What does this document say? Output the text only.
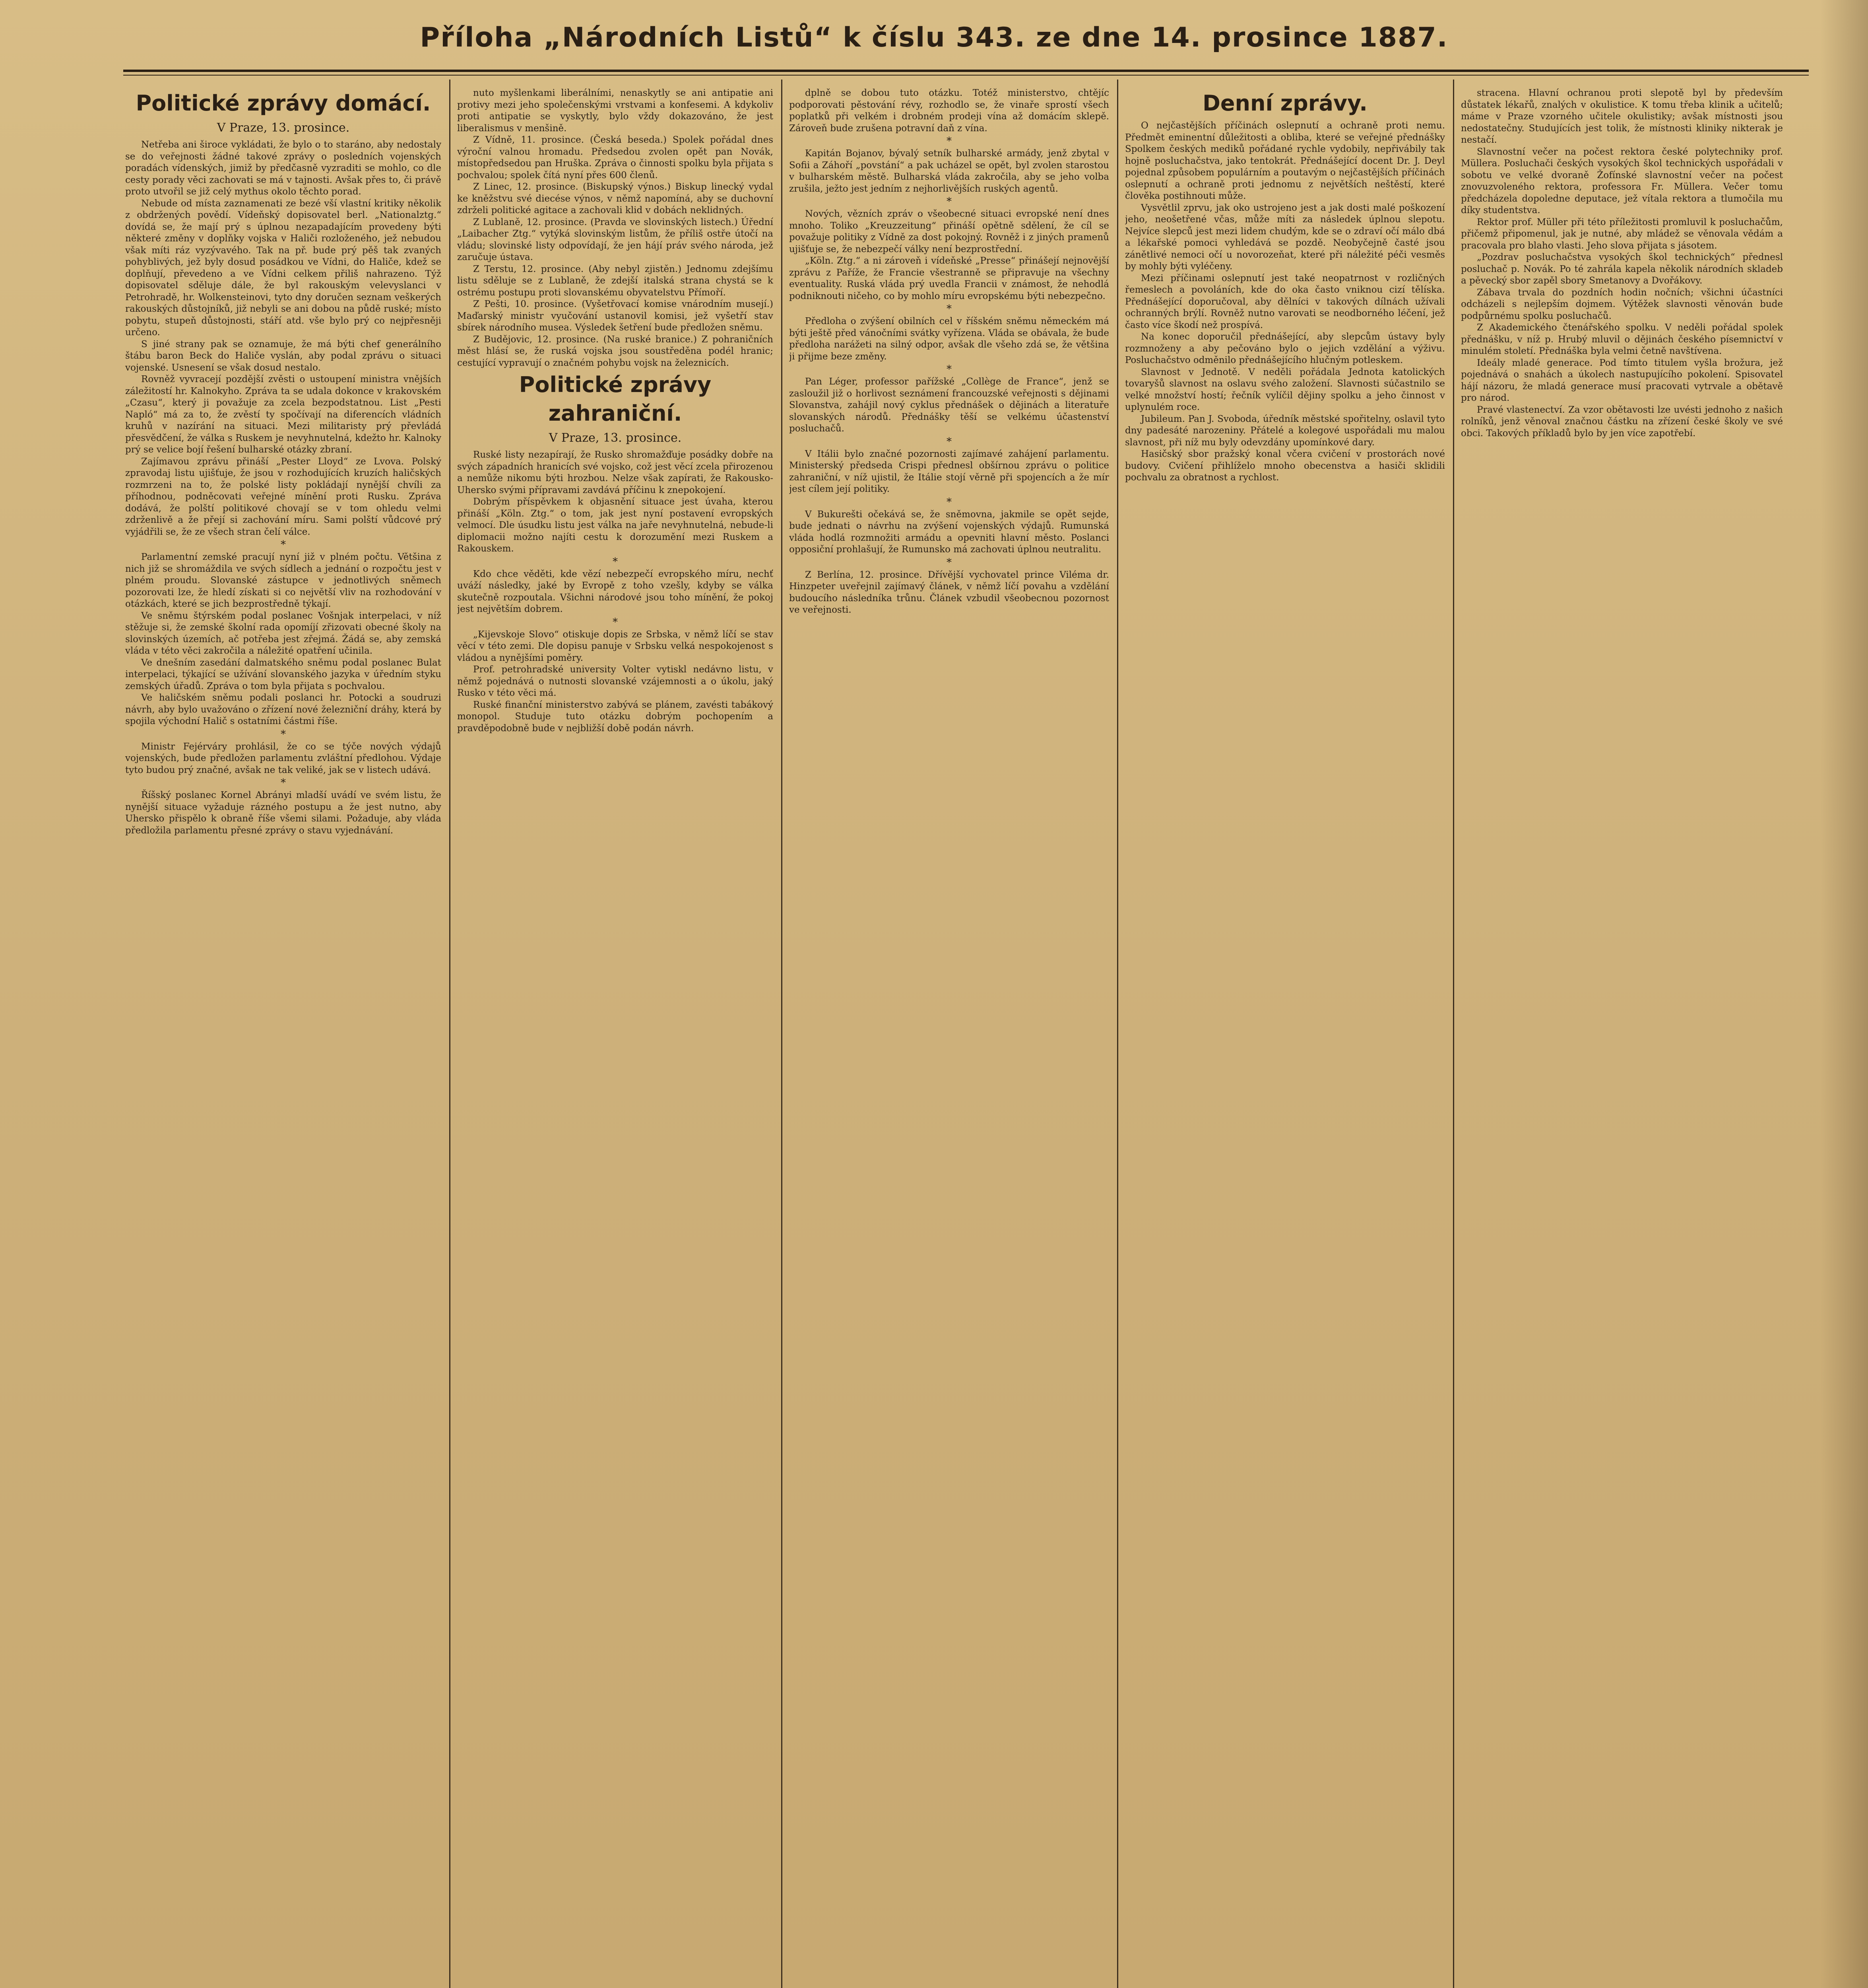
Příloha „Národních Listů“ k číslu 343. ze dne 14. prosince 1887.
Politické zprávy domácí.
V Praze, 13. prosince.

Netřeba ani široce vykládati, že bylo o to staráno, aby nedostaly se do veřejnosti žádné takové zprávy o posledních vojenských poradách vídenských, jimiž by předčasně vyzraditi se mohlo, co dle cesty porady věci zachovati se má v tajnosti. Avšak přes to, či právě proto utvořil se již celý mythus okolo těchto porad.

Nebude od místa zaznamenati ze bezé vší vlastní kritiky několik z obdržených povědí. Vídeňský dopisovatel berl. „Nationalztg.“ dovídá se, že mají prý s úplnou nezapadajícím provedeny býti některé změny v doplňky vojska v Haliči rozloženého, jež nebudou však míti ráz vyzývavého. Tak na př. bude prý pěš tak zvaných pohyblivých, jež byly dosud posádkou ve Vídni, do Haliče, kdež se doplňují, převedeno a ve Vídni celkem přiliš nahrazeno. Týž dopisovatel sděluje dále, že byl rakouským velevyslanci v Petrohradě, hr. Wolkensteinovi, tyto dny doručen seznam veškerých rakouských důstojníků, již nebyli se ani dobou na půdě ruské; místo pobytu, stupeň důstojnosti, stáří atd. vše bylo prý co nejpřesněji určeno.

S jiné strany pak se oznamuje, že má býti chef generálního štábu baron Beck do Haliče vyslán, aby podal zprávu o situaci vojenské. Usnesení se však dosud nestalo.

Rovněž vyvracejí pozdější zvěsti o ustoupení ministra vnějších záležitostí hr. Kalnokyho. Zpráva ta se udala dokonce v krakovském „Czasu“, který ji považuje za zcela bezpodstatnou. List „Pesti Napló“ má za to, že zvěstí ty spočívají na diferencích vládních kruhů v nazírání na situaci. Mezi militaristy prý převládá přesvědčení, že válka s Ruskem je nevyhnutelná, kdežto hr. Kalnoky prý se velice bojí řešení bulharské otázky zbraní.

Zajímavou zprávu přináší „Pester Lloyd“ ze Lvova. Polský zpravodaj listu ujišťuje, že jsou v rozhodujících kruzích haličských rozmrzeni na to, že polské listy pokládají nynější chvíli za příhodnou, podněcovati veřejné mínění proti Rusku. Zpráva dodává, že polští politikové chovají se v tom ohledu velmi zdrženlivě a že přejí si zachování míru. Sami polští vůdcové prý vyjádřili se, že ze všech stran čelí válce.

*

Parlamentní zemské pracují nyní již v plném počtu. Většina z nich již se shromáždila ve svých sídlech a jednání o rozpočtu jest v plném proudu. Slovanské zástupce v jednotlivých sněmech pozorovati lze, že hledí získati si co největší vliv na rozhodování v otázkách, které se jich bezprostředně týkají.

Ve sněmu štýrském podal poslanec Vošnjak interpelaci, v níž stěžuje si, že zemské školní rada opomíjí zřizovati obecné školy na slovinských územích, ač potřeba jest zřejmá. Žádá se, aby zemská vláda v této věci zakročila a náležité opatření učinila.

Ve dnešním zasedání dalmatského sněmu podal poslanec Bulat interpelaci, týkající se užívání slovanského jazyka v úředním styku zemských úřadů. Zpráva o tom byla přijata s pochvalou.

Ve haličském sněmu podali poslanci hr. Potocki a soudruzi návrh, aby bylo uvažováno o zřízení nové železniční dráhy, která by spojila východní Halič s ostatními částmi říše.

*

Ministr Fejérváry prohlásil, že co se týče nových výdajů vojenských, bude předložen parlamentu zvláštní předlohou. Výdaje tyto budou prý značné, avšak ne tak veliké, jak se v listech udává.

*

Říšský poslanec Kornel Abrányi mladší uvádí ve svém listu, že nynější situace vyžaduje rázného postupu a že jest nutno, aby Uhersko přispělo k obraně říše všemi silami. Požaduje, aby vláda předložila parlamentu přesné zprávy o stavu vyjednávání.

nuto myšlenkami liberálními, nenaskytly se ani antipatie ani protivy mezi jeho společenskými vrstvami a konfesemi. A kdykoliv proti antipatie se vyskytly, bylo vždy dokazováno, že jest liberalismus v menšině.

Z Vídně, 11. prosince. (Česká beseda.) Spolek pořádal dnes výroční valnou hromadu. Předsedou zvolen opět pan Novák, místopředsedou pan Hruška. Zpráva o činnosti spolku byla přijata s pochvalou; spolek čítá nyní přes 600 členů.

Z Linec, 12. prosince. (Biskupský výnos.) Biskup linecký vydal ke kněžstvu své diecése výnos, v němž napomíná, aby se duchovní zdrželi politické agitace a zachovali klid v dobách neklidných.

Z Lublaně, 12. prosince. (Pravda ve slovinských listech.) Úřední „Laibacher Ztg.“ vytýká slovinským listům, že příliš ostře útočí na vládu; slovinské listy odpovídají, že jen hájí práv svého národa, jež zaručuje ústava.

Z Terstu, 12. prosince. (Aby nebyl zjistěn.) Jednomu zdejšímu listu sděluje se z Lublaně, že zdejší italská strana chystá se k ostrému postupu proti slovanskému obyvatelstvu Přímoří.

Z Pešti, 10. prosince. (Vyšetřovací komise vnárodním musejí.) Maďarský ministr vyučování ustanovil komisi, jež vyšetří stav sbírek národního musea. Výsledek šetření bude předložen sněmu.

Z Budějovic, 12. prosince. (Na ruské branice.) Z pohraničních měst hlásí se, že ruská vojska jsou soustředěna podél hranic; cestující vypravují o značném pohybu vojsk na železnicích.

Politické zprávy zahraniční.
V Praze, 13. prosince.

Ruské listy nezapírají, že Rusko shromažďuje posádky dobře na svých západních hranicích své vojsko, což jest věcí zcela přirozenou a nemůže nikomu býti hrozbou. Nelze však zapírati, že Rakousko-Uhersko svými přípravami zavdává příčinu k znepokojení.

Dobrým příspěvkem k objasnění situace jest úvaha, kterou přináší „Köln. Ztg.“ o tom, jak jest nyní postavení evropských velmocí. Dle úsudku listu jest válka na jaře nevyhnutelná, nebude-li diplomacii možno najíti cestu k dorozumění mezi Ruskem a Rakouskem.

*

Kdo chce věděti, kde vězí nebezpečí evropského míru, nechť uváží následky, jaké by Evropě z toho vzešly, kdyby se válka skutečně rozpoutala. Všichni národové jsou toho mínění, že pokoj jest největším dobrem.

*

„Kijevskoje Slovo“ otiskuje dopis ze Srbska, v němž líčí se stav věcí v této zemi. Dle dopisu panuje v Srbsku velká nespokojenost s vládou a nynějšími poměry.

Prof. petrohradské university Volter vytiskl nedávno listu, v němž pojednává o nutnosti slovanské vzájemnosti a o úkolu, jaký Rusko v této věci má.

Ruské finanční ministerstvo zabývá se plánem, zavésti tabákový monopol. Studuje tuto otázku dobrým pochopením a pravděpodobně bude v nejbližší době podán návrh.

dplně se dobou tuto otázku. Totéž ministerstvo, chtějíc podporovati pěstování révy, rozhodlo se, že vinaře sprostí všech poplatků při velkém i drobném prodeji vína až domácím sklepě. Zároveň bude zrušena potravní daň z vína.

*

Kapitán Bojanov, bývalý setník bulharské armády, jenž zbytal v Sofii a Záhoří „povstání“ a pak ucházel se opět, byl zvolen starostou v bulharském městě. Bulharská vláda zakročila, aby se jeho volba zrušila, ježto jest jedním z nejhorlivějších ruských agentů.

*

Nových, vězních zpráv o všeobecné situaci evropské není dnes mnoho. Toliko „Kreuzzeitung“ přináší opětně sdělení, že cíl se považuje politiky z Vídně za dost pokojný. Rovněž i z jiných pramenů ujišťuje se, že nebezpečí války není bezprostřední.

„Köln. Ztg.“ a ni zároveň i vídeňské „Presse“ přinášejí nejnovější zprávu z Paříže, že Francie všestranně se připravuje na všechny eventuality. Ruská vláda prý uvedla Francii v známost, že nehodlá podniknouti ničeho, co by mohlo míru evropskému býti nebezpečno.

*

Předloha o zvýšení obilních cel v říšském sněmu německém má býti ještě před vánočními svátky vyřízena. Vláda se obávala, že bude předloha narážeti na silný odpor, avšak dle všeho zdá se, že většina ji přijme beze změny.

*

Pan Léger, professor pařížské „Collège de France“, jenž se zasloužil již o horlivost seznámení francouzské veřejnosti s dějinami Slovanstva, zahájil nový cyklus přednášek o dějinách a literatuře slovanských národů. Přednášky těší se velkému účastenství posluchačů.

*

V Itálii bylo značné pozornosti zajímavé zahájení parlamentu. Ministerský předseda Crispi přednesl obšírnou zprávu o politice zahraniční, v níž ujistil, že Itálie stojí věrně při spojencích a že mír jest cílem její politiky.

*

V Bukurešti očekává se, že sněmovna, jakmile se opět sejde, bude jednati o návrhu na zvýšení vojenských výdajů. Rumunská vláda hodlá rozmnožiti armádu a opevniti hlavní město. Poslanci opposiční prohlašují, že Rumunsko má zachovati úplnou neutralitu.

*

Z Berlína, 12. prosince. Dřívější vychovatel prince Viléma dr. Hinzpeter uveřejnil zajímavý článek, v němž líčí povahu a vzdělání budoucího následníka trůnu. Článek vzbudil všeobecnou pozornost ve veřejnosti.

Denní zprávy.

O nejčastějších příčinách oslepnutí a ochraně proti nemu. Předmět eminentní důležitosti a obliba, které se veřejné přednášky Spolkem českých mediků pořádané rychle vydobily, nepřivábily tak hojně posluchačstva, jako tentokrát. Přednášející docent Dr. J. Deyl pojednal způsobem populárním a poutavým o nejčastějších příčinách oslepnutí a ochraně proti jednomu z největších neštěstí, které člověka postihnouti může.

Vysvětlil zprvu, jak oko ustrojeno jest a jak dosti malé poškození jeho, neošetřené včas, může míti za následek úplnou slepotu. Nejvíce slepců jest mezi lidem chudým, kde se o zdraví očí málo dbá a lékařské pomoci vyhledává se pozdě. Neobyčejně časté jsou zánětlivé nemoci očí u novorozeňat, které při náležité péči vesměs by mohly býti vyléčeny.

Mezi příčinami oslepnutí jest také neopatrnost v rozličných řemeslech a povoláních, kde do oka často vniknou cizí tělíska. Přednášející doporučoval, aby dělníci v takových dílnách užívali ochranných brýlí. Rovněž nutno varovati se neodborného léčení, jež často více škodí než prospívá.

Na konec doporučil přednášející, aby slepcům ústavy byly rozmnoženy a aby pečováno bylo o jejich vzdělání a výživu. Posluchačstvo odměnilo přednášejícího hlučným potleskem.

Slavnost v Jednotě. V neděli pořádala Jednota katolických tovaryšů slavnost na oslavu svého založení. Slavnosti súčastnilo se velké množství hostí; řečník vylíčil dějiny spolku a jeho činnost v uplynulém roce.

Jubileum. Pan J. Svoboda, úředník městské spořitelny, oslavil tyto dny padesáté narozeniny. Přátelé a kolegové uspořádali mu malou slavnost, při níž mu byly odevzdány upomínkové dary.

Hasičský sbor pražský konal včera cvičení v prostorách nové budovy. Cvičení přihlíželo mnoho obecenstva a hasiči sklidili pochvalu za obratnost a rychlost.

stracena. Hlavní ochranou proti slepotě byl by především důstatek lékařů, znalých v okulistice. K tomu třeba klinik a učitelů; máme v Praze vzorného učitele okulistiky; avšak místnosti jsou nedostatečny. Studujících jest tolik, že místnosti kliniky nikterak je nestačí.

Slavnostní večer na počest rektora české polytechniky prof. Müllera. Posluchači českých vysokých škol technických uspořádali v sobotu ve velké dvoraně Žofínské slavnostní večer na počest znovuzvoleného rektora, professora Fr. Müllera. Večer tomu předcházela dopoledne deputace, jež vítala rektora a tlumočila mu díky studentstva.

Rektor prof. Müller při této příležitosti promluvil k posluchačům, přičemž připomenul, jak je nutné, aby mládež se věnovala vědám a pracovala pro blaho vlasti. Jeho slova přijata s jásotem.

„Pozdrav posluchačstva vysokých škol technických“ přednesl posluchač p. Novák. Po té zahrála kapela několik národních skladeb a pěvecký sbor zapěl sbory Smetanovy a Dvořákovy.

Zábava trvala do pozdních hodin nočních; všichni účastníci odcházeli s nejlepším dojmem. Výtěžek slavnosti věnován bude podpůrnému spolku posluchačů.

Z Akademického čtenářského spolku. V neděli pořádal spolek přednášku, v níž p. Hrubý mluvil o dějinách českého písemnictví v minulém století. Přednáška byla velmi četně navštívena.

Ideály mladé generace. Pod tímto titulem vyšla brožura, jež pojednává o snahách a úkolech nastupujícího pokolení. Spisovatel hájí názoru, že mladá generace musí pracovati vytrvale a obětavě pro národ.

Pravé vlastenectví. Za vzor obětavosti lze uvésti jednoho z našich rolníků, jenž věnoval značnou částku na zřízení české školy ve své obci. Takových příkladů bylo by jen více zapotřebí.
